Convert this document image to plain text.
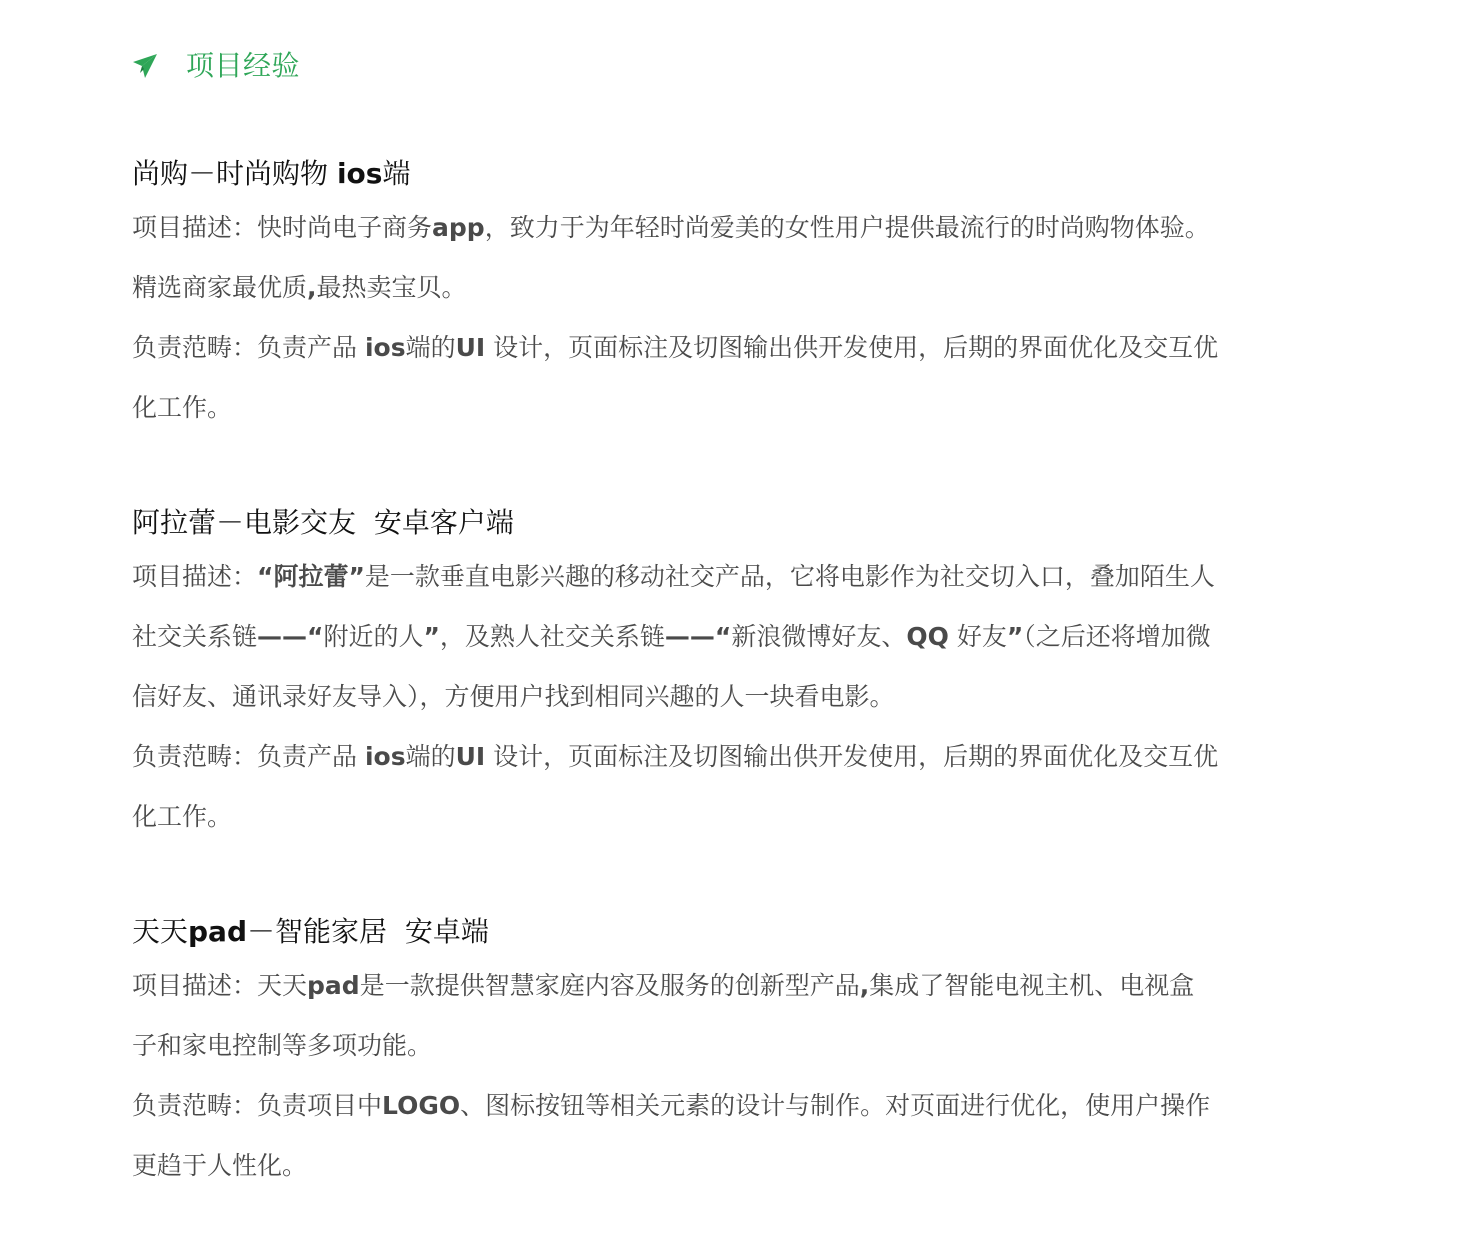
项目经验
尚购－时尚购物 ios端

项目描述：快时尚电子商务app，致力于为年轻时尚爱美的女性用户提供最流行的时尚购物体验。
精选商家最优质,最热卖宝贝。

负责范畴：负责产品 ios端的UI 设计，页面标注及切图输出供开发使用，后期的界面优化及交互优
化工作。

阿拉蕾－电影交友 安卓客户端

项目描述：“阿拉蕾”是一款垂直电影兴趣的移动社交产品，它将电影作为社交切入口，叠加陌生人
社交关系链——“附近的人”，及熟人社交关系链——“新浪微博好友、QQ 好友”（之后还将增加微
信好友、通讯录好友导入），方便用户找到相同兴趣的人一块看电影。

负责范畴：负责产品 ios端的UI 设计，页面标注及切图输出供开发使用，后期的界面优化及交互优
化工作。

天天pad－智能家居 安卓端

项目描述：天天pad是一款提供智慧家庭内容及服务的创新型产品,集成了智能电视主机、电视盒
子和家电控制等多项功能。

负责范畴：负责项目中LOGO、图标按钮等相关元素的设计与制作。对页面进行优化，使用户操作
更趋于人性化。
